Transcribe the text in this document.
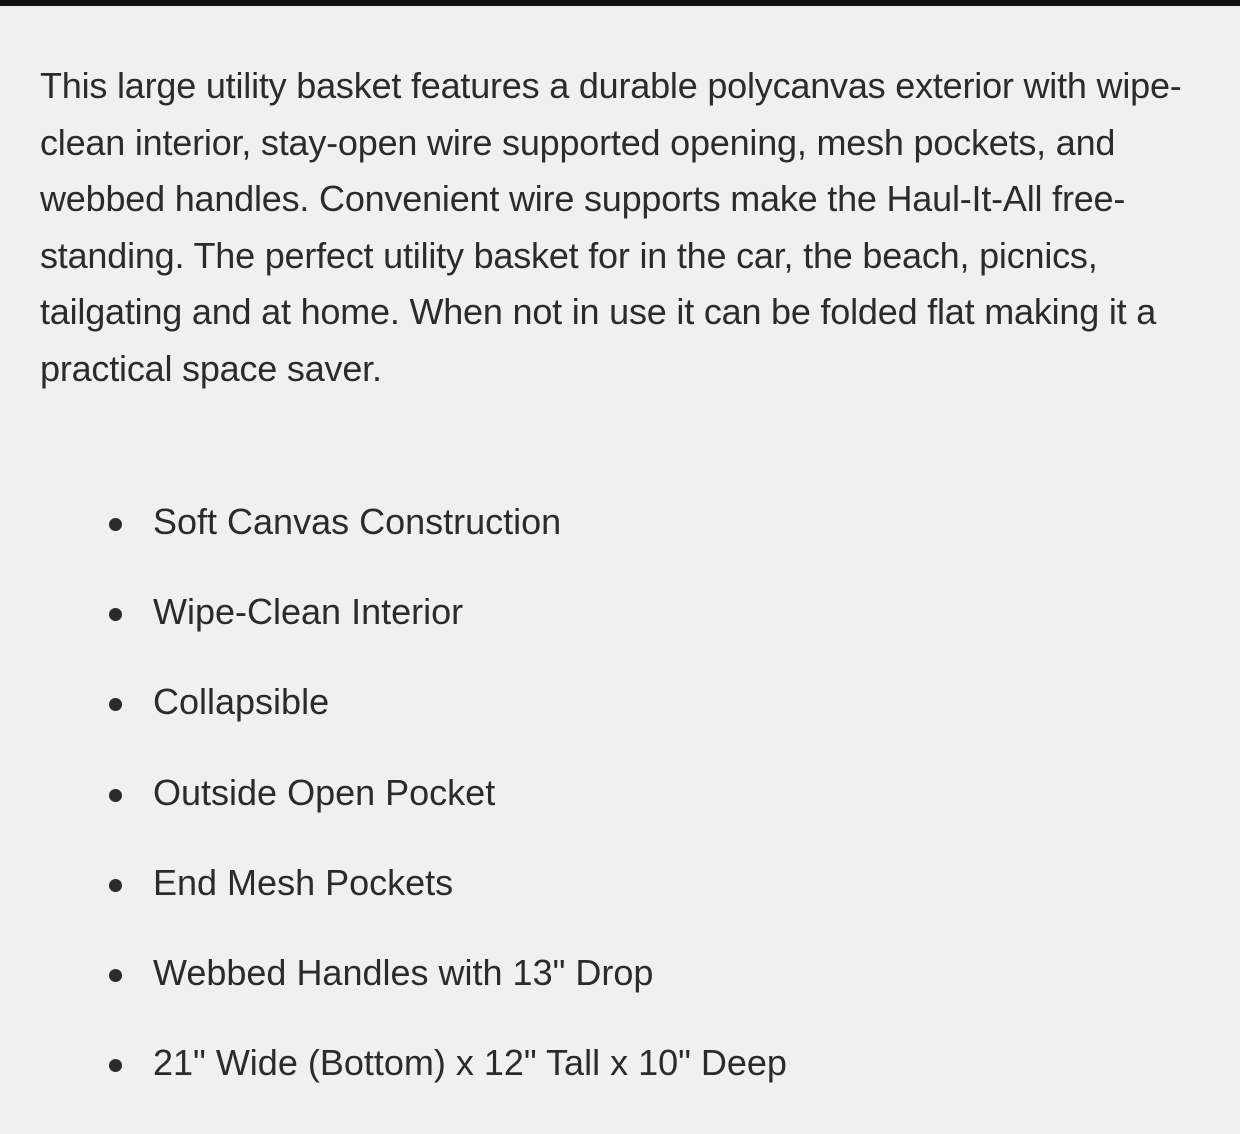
This large utility basket features a durable polycanvas exterior with wipe-clean interior, stay-open wire supported opening, mesh pockets, and webbed handles. Convenient wire supports make the Haul-It-All free-standing. The perfect utility basket for in the car, the beach, picnics, tailgating and at home. When not in use it can be folded flat making it a practical space saver.

Soft Canvas Construction
Wipe-Clean Interior
Collapsible
Outside Open Pocket
End Mesh Pockets
Webbed Handles with 13" Drop
21" Wide (Bottom) x 12" Tall x 10" Deep
